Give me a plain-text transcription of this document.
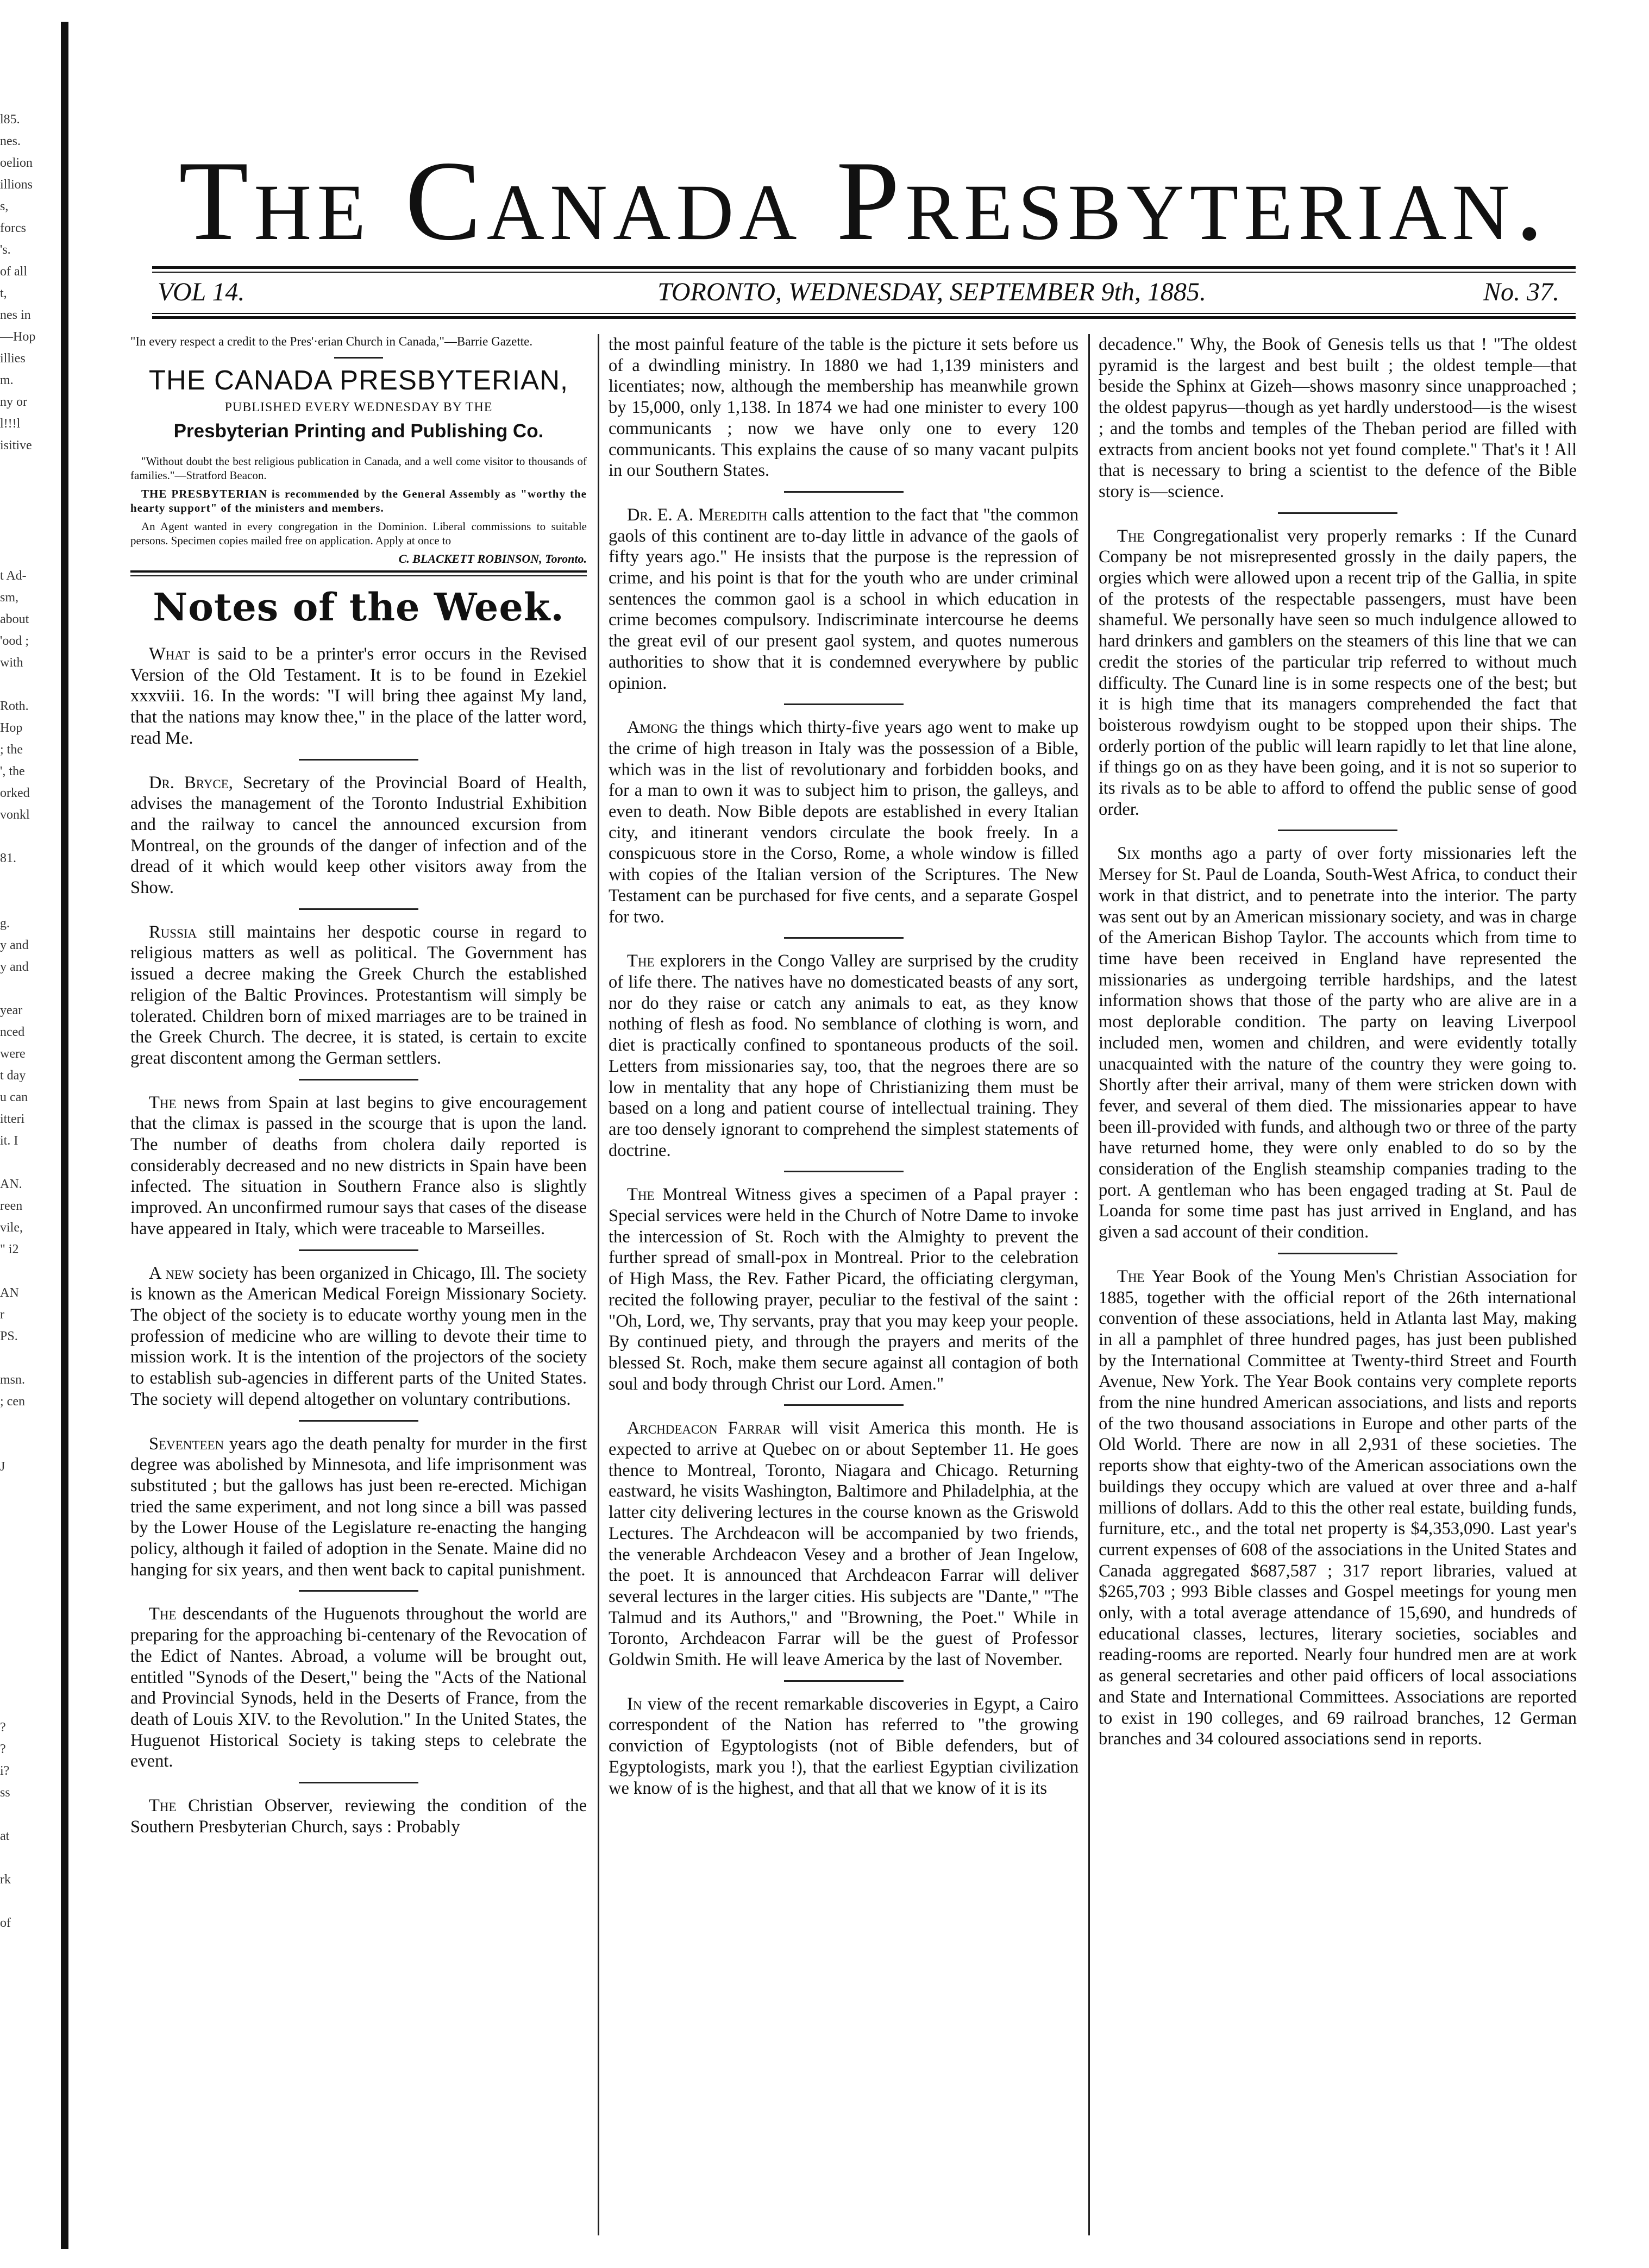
l85.
nes.
oelion
illions
s,
forcs
's.
of all
t,
nes in
—Hop
illies
m.
ny or
l!!!l
isitive
t Ad-
sm,
about
'ood ;
with
Roth.
Hop
; the
', the
orked
vonkl
81.
g.
y and
y and
year
nced
were
t day
u can
itteri
it. I
AN.
reen
vile,
" i2
AN
r
PS.
msn.
; cen
J
?
?
i?
ss
at
rk
of
The Canada Presbyterian.
VOL 14.	TORONTO, WEDNESDAY, SEPTEMBER 9th, 1885.	No. 37.

"In every respect a credit to the Pres'·erian Church in Canada,"—Barrie Gazette.

THE CANADA PRESBYTERIAN,

PUBLISHED EVERY WEDNESDAY BY THE

Presbyterian Printing and Publishing Co.

"Without doubt the best religious publication in Canada, and a well come visitor to thousands of families."—Stratford Beacon.

THE PRESBYTERIAN is recommended by the General Assembly as "worthy the hearty support" of the ministers and members.

An Agent wanted in every congregation in the Dominion. Liberal commissions to suitable persons. Specimen copies mailed free on application. Apply at once to

C. BLACKETT ROBINSON, Toronto.

Notes of the Week.

What is said to be a printer's error occurs in the Revised Version of the Old Testament. It is to be found in Ezekiel xxxviii. 16. In the words: "I will bring thee against My land, that the nations may know thee," in the place of the latter word, read Me.

Dr. Bryce, Secretary of the Provincial Board of Health, advises the management of the Toronto Industrial Exhibition and the railway to cancel the announced excursion from Montreal, on the grounds of the danger of infection and of the dread of it which would keep other visitors away from the Show.

Russia still maintains her despotic course in regard to religious matters as well as political. The Government has issued a decree making the Greek Church the established religion of the Baltic Provinces. Protestantism will simply be tolerated. Children born of mixed marriages are to be trained in the Greek Church. The decree, it is stated, is certain to excite great discontent among the German settlers.

The news from Spain at last begins to give encouragement that the climax is passed in the scourge that is upon the land. The number of deaths from cholera daily reported is considerably decreased and no new districts in Spain have been infected. The situation in Southern France also is slightly improved. An unconfirmed rumour says that cases of the disease have appeared in Italy, which were traceable to Marseilles.

A new society has been organized in Chicago, Ill. The society is known as the American Medical Foreign Missionary Society. The object of the society is to educate worthy young men in the profession of medicine who are willing to devote their time to mission work. It is the intention of the projectors of the society to establish sub-agencies in different parts of the United States. The society will depend altogether on voluntary contributions.

Seventeen years ago the death penalty for murder in the first degree was abolished by Minnesota, and life imprisonment was substituted ; but the gallows has just been re-erected. Michigan tried the same experiment, and not long since a bill was passed by the Lower House of the Legislature re-enacting the hanging policy, although it failed of adoption in the Senate. Maine did no hanging for six years, and then went back to capital punishment.

The descendants of the Huguenots throughout the world are preparing for the approaching bi-centenary of the Revocation of the Edict of Nantes. Abroad, a volume will be brought out, entitled "Synods of the Desert," being the "Acts of the National and Provincial Synods, held in the Deserts of France, from the death of Louis XIV. to the Revolution." In the United States, the Huguenot Historical Society is taking steps to celebrate the event.

The Christian Observer, reviewing the condition of the Southern Presbyterian Church, says : Probably

the most painful feature of the table is the picture it sets before us of a dwindling ministry. In 1880 we had 1,139 ministers and licentiates; now, although the membership has meanwhile grown by 15,000, only 1,138. In 1874 we had one minister to every 100 communicants ; now we have only one to every 120 communicants. This explains the cause of so many vacant pulpits in our Southern States.

Dr. E. A. Meredith calls attention to the fact that "the common gaols of this continent are to-day little in advance of the gaols of fifty years ago." He insists that the purpose is the repression of crime, and his point is that for the youth who are under criminal sentences the common gaol is a school in which education in crime becomes compulsory. Indiscriminate intercourse he deems the great evil of our present gaol system, and quotes numerous authorities to show that it is condemned everywhere by public opinion.

Among the things which thirty-five years ago went to make up the crime of high treason in Italy was the possession of a Bible, which was in the list of revolutionary and forbidden books, and for a man to own it was to subject him to prison, the galleys, and even to death. Now Bible depots are established in every Italian city, and itinerant vendors circulate the book freely. In a conspicuous store in the Corso, Rome, a whole window is filled with copies of the Italian version of the Scriptures. The New Testament can be purchased for five cents, and a separate Gospel for two.

The explorers in the Congo Valley are surprised by the crudity of life there. The natives have no domesticated beasts of any sort, nor do they raise or catch any animals to eat, as they know nothing of flesh as food. No semblance of clothing is worn, and diet is practically confined to spontaneous products of the soil. Letters from missionaries say, too, that the negroes there are so low in mentality that any hope of Christianizing them must be based on a long and patient course of intellectual training. They are too densely ignorant to comprehend the simplest statements of doctrine.

The Montreal Witness gives a specimen of a Papal prayer : Special services were held in the Church of Notre Dame to invoke the intercession of St. Roch with the Almighty to prevent the further spread of small-pox in Montreal. Prior to the celebration of High Mass, the Rev. Father Picard, the officiating clergyman, recited the following prayer, peculiar to the festival of the saint : "Oh, Lord, we, Thy servants, pray that you may keep your people. By continued piety, and through the prayers and merits of the blessed St. Roch, make them secure against all contagion of both soul and body through Christ our Lord. Amen."

Archdeacon Farrar will visit America this month. He is expected to arrive at Quebec on or about September 11. He goes thence to Montreal, Toronto, Niagara and Chicago. Returning eastward, he visits Washington, Baltimore and Philadelphia, at the latter city delivering lectures in the course known as the Griswold Lectures. The Archdeacon will be accompanied by two friends, the venerable Archdeacon Vesey and a brother of Jean Ingelow, the poet. It is announced that Archdeacon Farrar will deliver several lectures in the larger cities. His subjects are "Dante," "The Talmud and its Authors," and "Browning, the Poet." While in Toronto, Archdeacon Farrar will be the guest of Professor Goldwin Smith. He will leave America by the last of November.

In view of the recent remarkable discoveries in Egypt, a Cairo correspondent of the Nation has referred to "the growing conviction of Egyptologists (not of Bible defenders, but of Egyptologists, mark you !), that the earliest Egyptian civilization we know of is the highest, and that all that we know of it is its

decadence." Why, the Book of Genesis tells us that ! "The oldest pyramid is the largest and best built ; the oldest temple—that beside the Sphinx at Gizeh—shows masonry since unapproached ; the oldest papyrus—though as yet hardly understood—is the wisest ; and the tombs and temples of the Theban period are filled with extracts from ancient books not yet found complete." That's it ! All that is necessary to bring a scientist to the defence of the Bible story is—science.

The Congregationalist very properly remarks : If the Cunard Company be not misrepresented grossly in the daily papers, the orgies which were allowed upon a recent trip of the Gallia, in spite of the protests of the respectable passengers, must have been shameful. We personally have seen so much indulgence allowed to hard drinkers and gamblers on the steamers of this line that we can credit the stories of the particular trip referred to without much difficulty. The Cunard line is in some respects one of the best; but it is high time that its managers comprehended the fact that boisterous rowdyism ought to be stopped upon their ships. The orderly portion of the public will learn rapidly to let that line alone, if things go on as they have been going, and it is not so superior to its rivals as to be able to afford to offend the public sense of good order.

Six months ago a party of over forty missionaries left the Mersey for St. Paul de Loanda, South-West Africa, to conduct their work in that district, and to penetrate into the interior. The party was sent out by an American missionary society, and was in charge of the American Bishop Taylor. The accounts which from time to time have been received in England have represented the missionaries as undergoing terrible hardships, and the latest information shows that those of the party who are alive are in a most deplorable condition. The party on leaving Liverpool included men, women and children, and were evidently totally unacquainted with the nature of the country they were going to. Shortly after their arrival, many of them were stricken down with fever, and several of them died. The missionaries appear to have been ill-provided with funds, and although two or three of the party have returned home, they were only enabled to do so by the consideration of the English steamship companies trading to the port. A gentleman who has been engaged trading at St. Paul de Loanda for some time past has just arrived in England, and has given a sad account of their condition.

The Year Book of the Young Men's Christian Association for 1885, together with the official report of the 26th international convention of these associations, held in Atlanta last May, making in all a pamphlet of three hundred pages, has just been published by the International Committee at Twenty-third Street and Fourth Avenue, New York. The Year Book contains very complete reports from the nine hundred American associations, and lists and reports of the two thousand associations in Europe and other parts of the Old World. There are now in all 2,931 of these societies. The reports show that eighty-two of the American associations own the buildings they occupy which are valued at over three and a-half millions of dollars. Add to this the other real estate, building funds, furniture, etc., and the total net property is $4,353,090. Last year's current expenses of 608 of the associations in the United States and Canada aggregated $687,587 ; 317 report libraries, valued at $265,703 ; 993 Bible classes and Gospel meetings for young men only, with a total average attendance of 15,690, and hundreds of educational classes, lectures, literary societies, sociables and reading-rooms are reported. Nearly four hundred men are at work as general secretaries and other paid officers of local associations and State and International Committees. Associations are reported to exist in 190 colleges, and 69 railroad branches, 12 German branches and 34 coloured associations send in reports.
